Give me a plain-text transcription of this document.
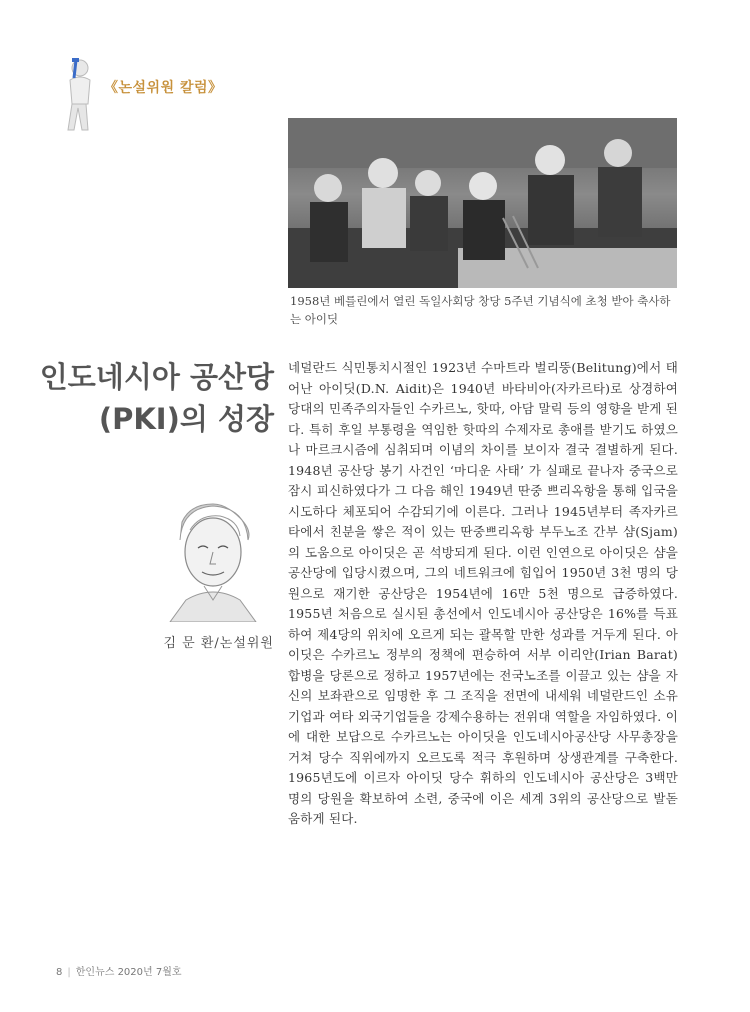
《논설위원 칼럼》
1958년 베를린에서 열린 독일사회당 창당 5주년 기념식에 초청 받아 축사하는 아이딧
인도네시아 공산당
(PKI)의 성장
김 문 환/논설위원
네덜란드 식민통치시절인 1923년 수마트라 벌리뚱(Belitung)에서 태어난 아이딧(D.N. Aidit)은 1940년 바타비아(자카르타)로 상경하여 당대의 민족주의자들인 수카르노, 핫따, 아담 말릭 등의 영향을 받게 된다. 특히 후일 부통령을 역임한 핫따의 수제자로 총애를 받기도 하였으나 마르크시즘에 심취되며 이념의 차이를 보이자 결국 결별하게 된다. 1948년 공산당 봉기 사건인 ‘마디운 사태’ 가 실패로 끝나자 중국으로 잠시 피신하였다가 그 다음 해인 1949년 딴중 쁘리옥항을 통해 입국을 시도하다 체포되어 수감되기에 이른다. 그러나 1945년부터 족자카르타에서 친분을 쌓은 적이 있는 딴중쁘리옥항 부두노조 간부 샴(Sjam)의 도움으로 아이딧은 곧 석방되게 된다. 이런 인연으로 아이딧은 샴을 공산당에 입당시켰으며, 그의 네트워크에 힘입어 1950년 3천 명의 당원으로 재기한 공산당은 1954년에 16만 5천 명으로 급증하였다. 1955년 처음으로 실시된 총선에서 인도네시아 공산당은 16%를 득표하여 제4당의 위치에 오르게 되는 괄목할 만한 성과를 거두게 된다. 아이딧은 수카르노 정부의 정책에 편승하여 서부 이리안(Irian Barat) 합병을 당론으로 정하고 1957년에는 전국노조를 이끌고 있는 샴을 자신의 보좌관으로 임명한 후 그 조직을 전면에 내세워 네덜란드인 소유기업과 여타 외국기업들을 강제수용하는 전위대 역할을 자임하였다. 이에 대한 보답으로 수카르노는 아이딧을 인도네시아공산당 사무총장을 거쳐 당수 직위에까지 오르도록 적극 후원하며 상생관계를 구축한다. 1965년도에 이르자 아이딧 당수 휘하의 인도네시아 공산당은 3백만 명의 당원을 확보하여 소련, 중국에 이은 세계 3위의 공산당으로 발돋움하게 된다.
8 | 한인뉴스 2020년 7월호
